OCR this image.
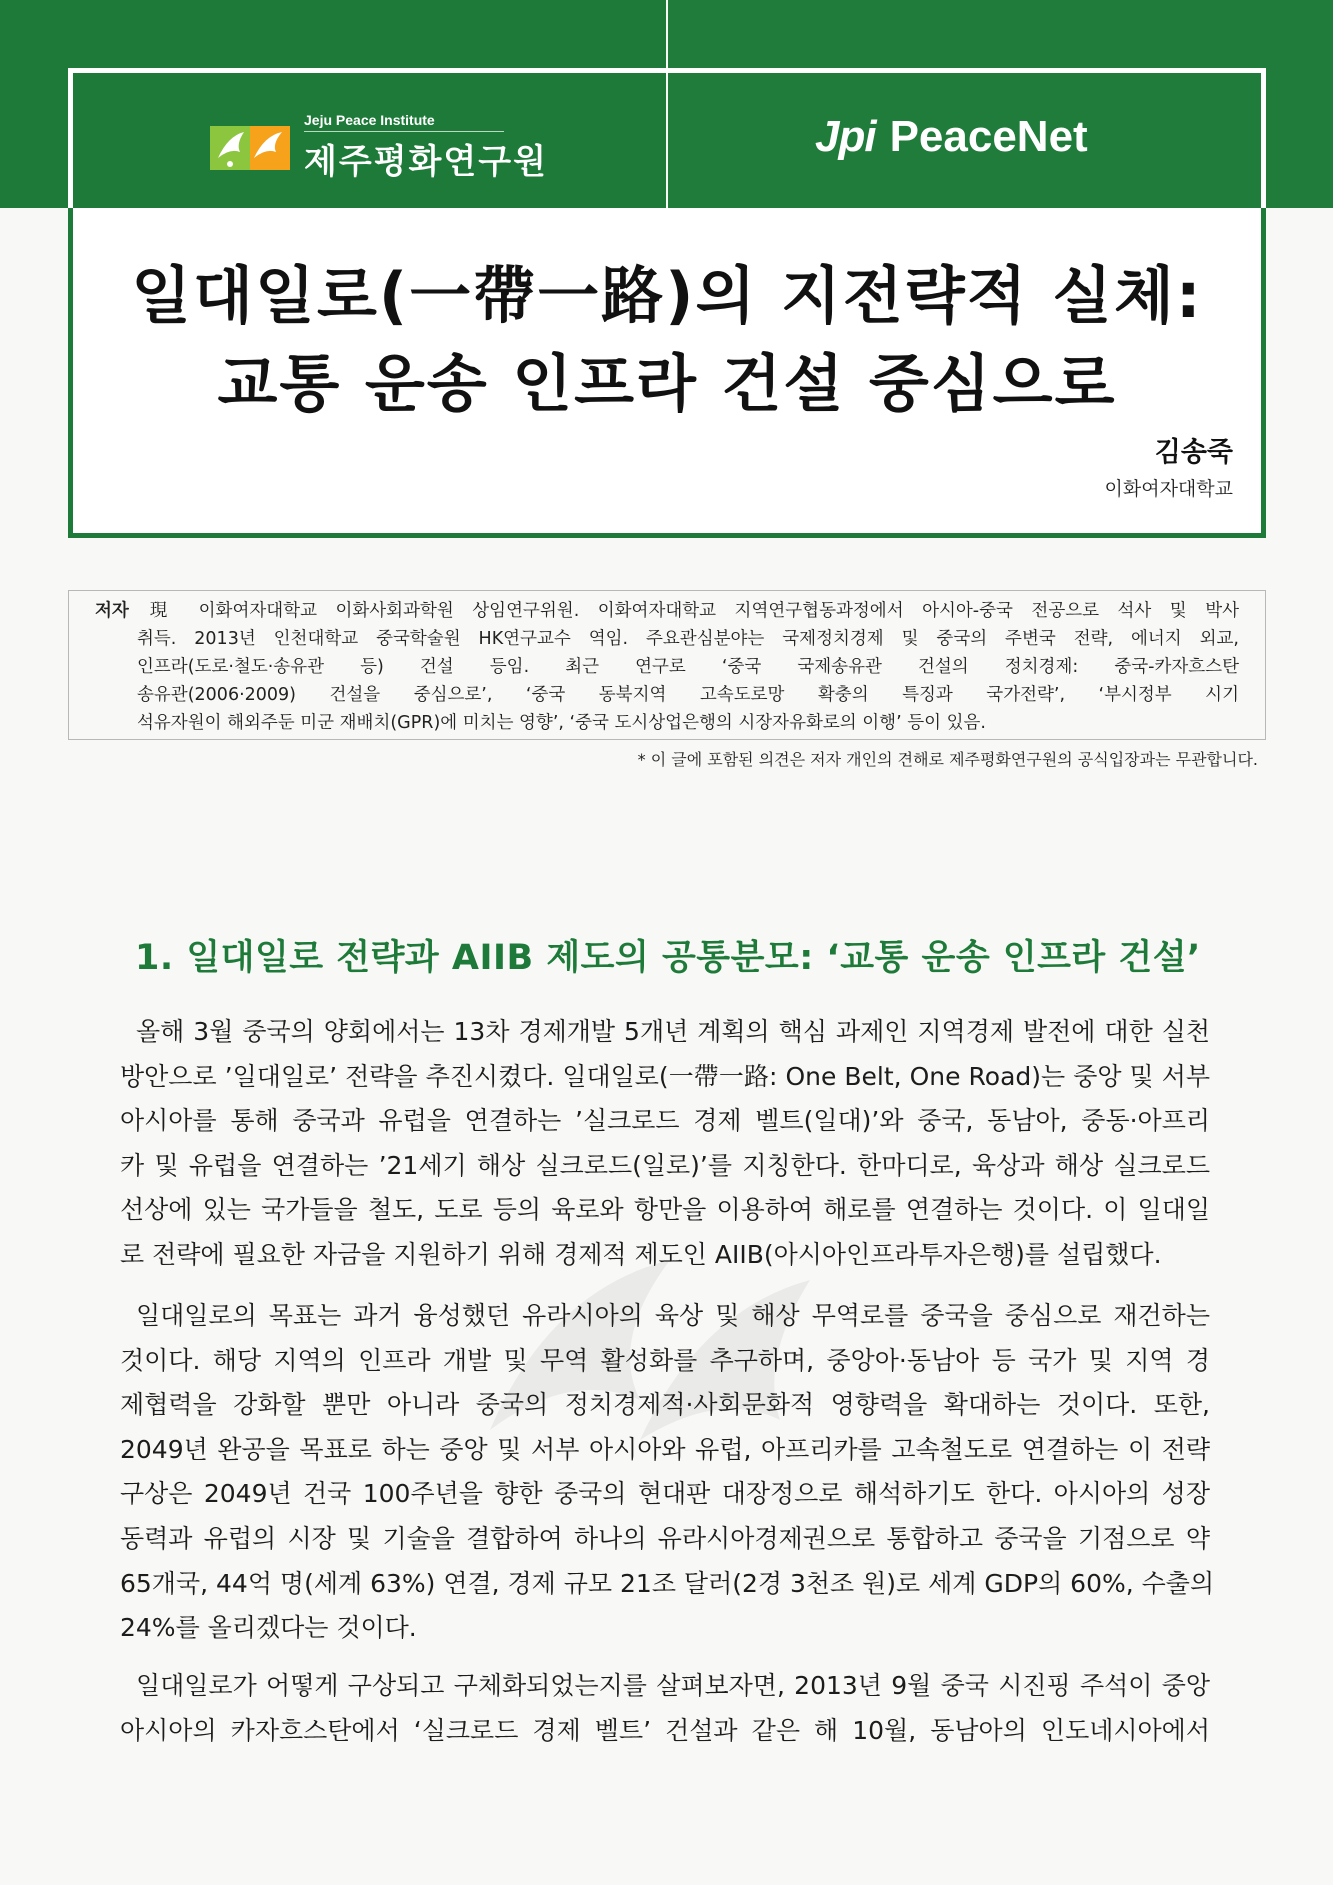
Jeju Peace Institute
제주평화연구원
Jpi PeaceNet
일대일로(一帶一路)의 지전략적 실체:
교통 운송 인프라 건설 중심으로
김송죽
이화여자대학교
저자 現 이화여자대학교 이화사회과학원 상임연구위원. 이화여자대학교 지역연구협동과정에서 아시아-중국 전공으로 석사 및 박사
취득. 2013년 인천대학교 중국학술원 HK연구교수 역임. 주요관심분야는 국제정치경제 및 중국의 주변국 전략, 에너지 외교,
인프라(도로·철도·송유관 등) 건설 등임. 최근 연구로 ‘중국 국제송유관 건설의 정치경제: 중국-카자흐스탄
송유관(2006·2009) 건설을 중심으로’, ‘중국 동북지역 고속도로망 확충의 특징과 국가전략’, ‘부시정부 시기
석유자원이 해외주둔 미군 재배치(GPR)에 미치는 영향’, ‘중국 도시상업은행의 시장자유화로의 이행’ 등이 있음.
* 이 글에 포함된 의견은 저자 개인의 견해로 제주평화연구원의 공식입장과는 무관합니다.
1. 일대일로 전략과 AIIB 제도의 공통분모: ‘교통 운송 인프라 건설’
올해 3월 중국의 양회에서는 13차 경제개발 5개년 계획의 핵심 과제인 지역경제 발전에 대한 실천
방안으로 ’일대일로’ 전략을 추진시켰다. 일대일로(一帶一路: One Belt, One Road)는 중앙 및 서부
아시아를 통해 중국과 유럽을 연결하는 ’실크로드 경제 벨트(일대)’와 중국, 동남아, 중동·아프리
카 및 유럽을 연결하는 ’21세기 해상 실크로드(일로)’를 지칭한다. 한마디로, 육상과 해상 실크로드
선상에 있는 국가들을 철도, 도로 등의 육로와 항만을 이용하여 해로를 연결하는 것이다. 이 일대일
로 전략에 필요한 자금을 지원하기 위해 경제적 제도인 AIIB(아시아인프라투자은행)를 설립했다.
일대일로의 목표는 과거 융성했던 유라시아의 육상 및 해상 무역로를 중국을 중심으로 재건하는
것이다. 해당 지역의 인프라 개발 및 무역 활성화를 추구하며, 중앙아·동남아 등 국가 및 지역 경
제협력을 강화할 뿐만 아니라 중국의 정치경제적·사회문화적 영향력을 확대하는 것이다. 또한,
2049년 완공을 목표로 하는 중앙 및 서부 아시아와 유럽, 아프리카를 고속철도로 연결하는 이 전략
구상은 2049년 건국 100주년을 향한 중국의 현대판 대장정으로 해석하기도 한다. 아시아의 성장
동력과 유럽의 시장 및 기술을 결합하여 하나의 유라시아경제권으로 통합하고 중국을 기점으로 약
65개국, 44억 명(세계 63%) 연결, 경제 규모 21조 달러(2경 3천조 원)로 세계 GDP의 60%, 수출의
24%를 올리겠다는 것이다.
일대일로가 어떻게 구상되고 구체화되었는지를 살펴보자면, 2013년 9월 중국 시진핑 주석이 중앙
아시아의 카자흐스탄에서 ‘실크로드 경제 벨트’ 건설과 같은 해 10월, 동남아의 인도네시아에서
